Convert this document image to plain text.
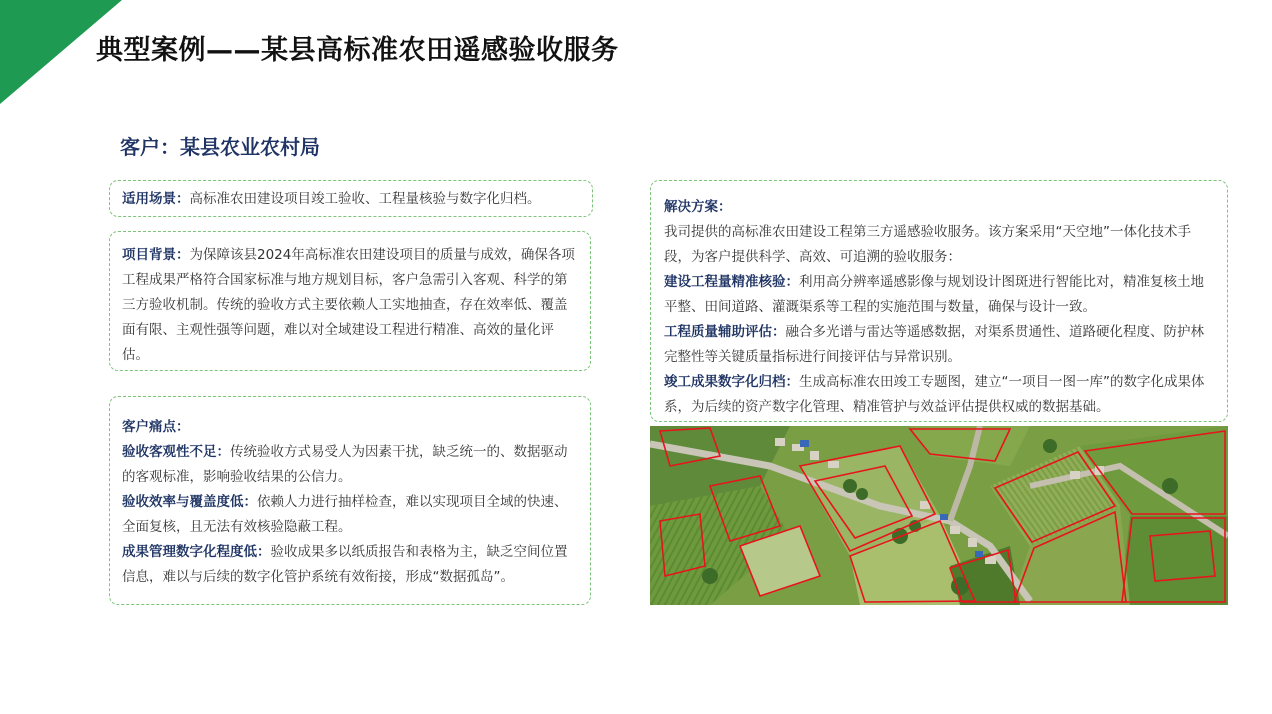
典型案例——某县高标准农田遥感验收服务
客户：某县农业农村局

适用场景：高标准农田建设项目竣工验收、工程量核验与数字化归档。

项目背景：为保障该县2024年高标准农田建设项目的质量与成效，确保各项工程成果严格符合国家标准与地方规划目标，客户急需引入客观、科学的第三方验收机制。传统的验收方式主要依赖人工实地抽查，存在效率低、覆盖面有限、主观性强等问题，难以对全域建设工程进行精准、高效的量化评估。

客户痛点：

验收客观性不足：传统验收方式易受人为因素干扰，缺乏统一的、数据驱动的客观标准，影响验收结果的公信力。

验收效率与覆盖度低：依赖人力进行抽样检查，难以实现项目全域的快速、全面复核，且无法有效核验隐蔽工程。

成果管理数字化程度低：验收成果多以纸质报告和表格为主，缺乏空间位置信息，难以与后续的数字化管护系统有效衔接，形成“数据孤岛”。

解决方案：

我司提供的高标准农田建设工程第三方遥感验收服务。该方案采用“天空地”一体化技术手段，为客户提供科学、高效、可追溯的验收服务：

建设工程量精准核验：利用高分辨率遥感影像与规划设计图斑进行智能比对，精准复核土地平整、田间道路、灌溉渠系等工程的实施范围与数量，确保与设计一致。

工程质量辅助评估：融合多光谱与雷达等遥感数据，对渠系贯通性、道路硬化程度、防护林完整性等关键质量指标进行间接评估与异常识别。

竣工成果数字化归档：生成高标准农田竣工专题图，建立“一项目一图一库”的数字化成果体系，为后续的资产数字化管理、精准管护与效益评估提供权威的数据基础。
